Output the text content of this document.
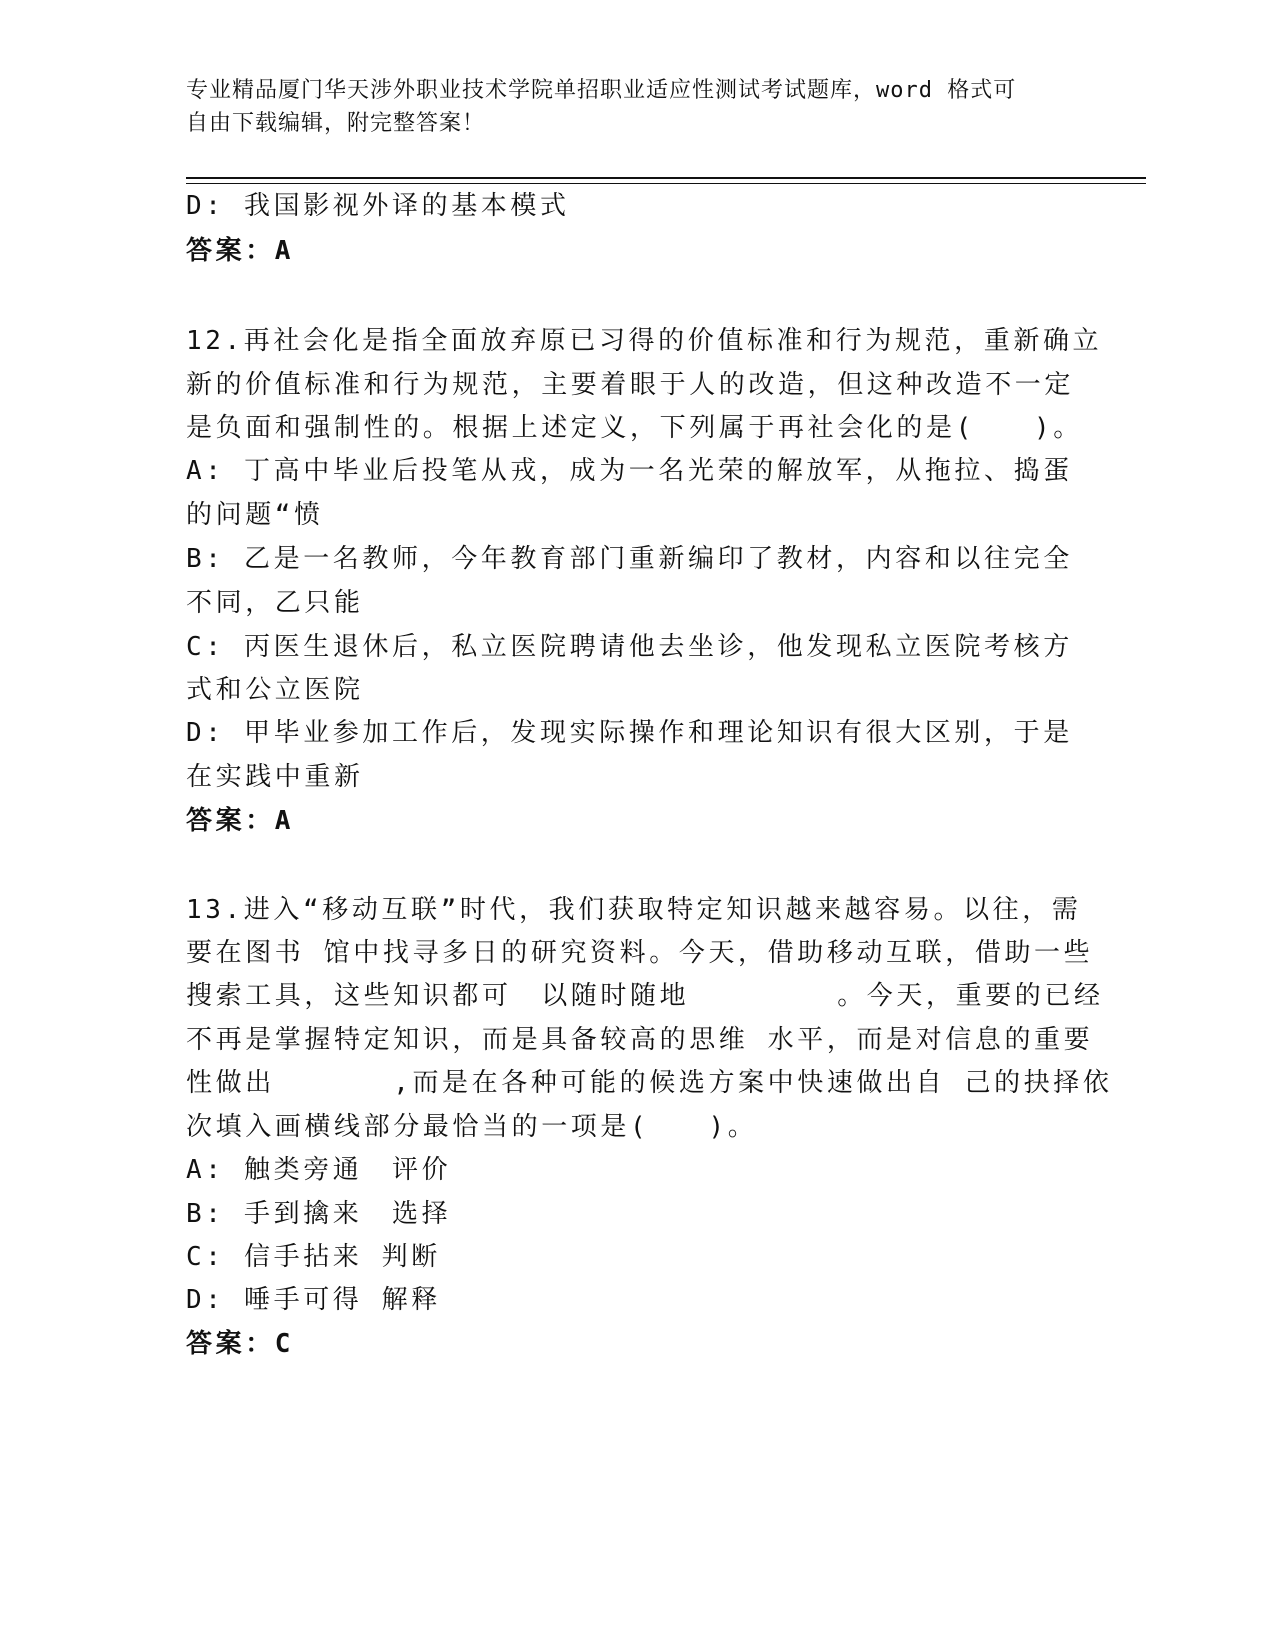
专业精品厦门华天涉外职业技术学院单招职业适应性测试考试题库，word 格式可
自由下载编辑，附完整答案！
D: 我国影视外译的基本模式
答案：A
12.再社会化是指全面放弃原已习得的价值标准和行为规范，重新确立
新的价值标准和行为规范，主要着眼于人的改造，但这种改造不一定
是负面和强制性的。根据上述定义，下列属于再社会化的是(　　)。
A: 丁高中毕业后投笔从戎，成为一名光荣的解放军，从拖拉、捣蛋
的问题“愤
B: 乙是一名教师，今年教育部门重新编印了教材，内容和以往完全
不同，乙只能
C: 丙医生退休后，私立医院聘请他去坐诊，他发现私立医院考核方
式和公立医院
D: 甲毕业参加工作后，发现实际操作和理论知识有很大区别，于是
在实践中重新
答案：A
13.进入“移动互联”时代，我们获取特定知识越来越容易。以往，需
要在图书 馆中找寻多日的研究资料。今天，借助移动互联，借助一些
搜索工具，这些知识都可　以随时随地　　　　　。今天，重要的已经
不再是掌握特定知识，而是具备较高的思维 水平，而是对信息的重要
性做出　　　　,而是在各种可能的候选方案中快速做出自 己的抉择依
次填入画横线部分最恰当的一项是(　　)。
A: 触类旁通　评价
B: 手到擒来　选择
C: 信手拈来 判断
D: 唾手可得 解释
答案：C
